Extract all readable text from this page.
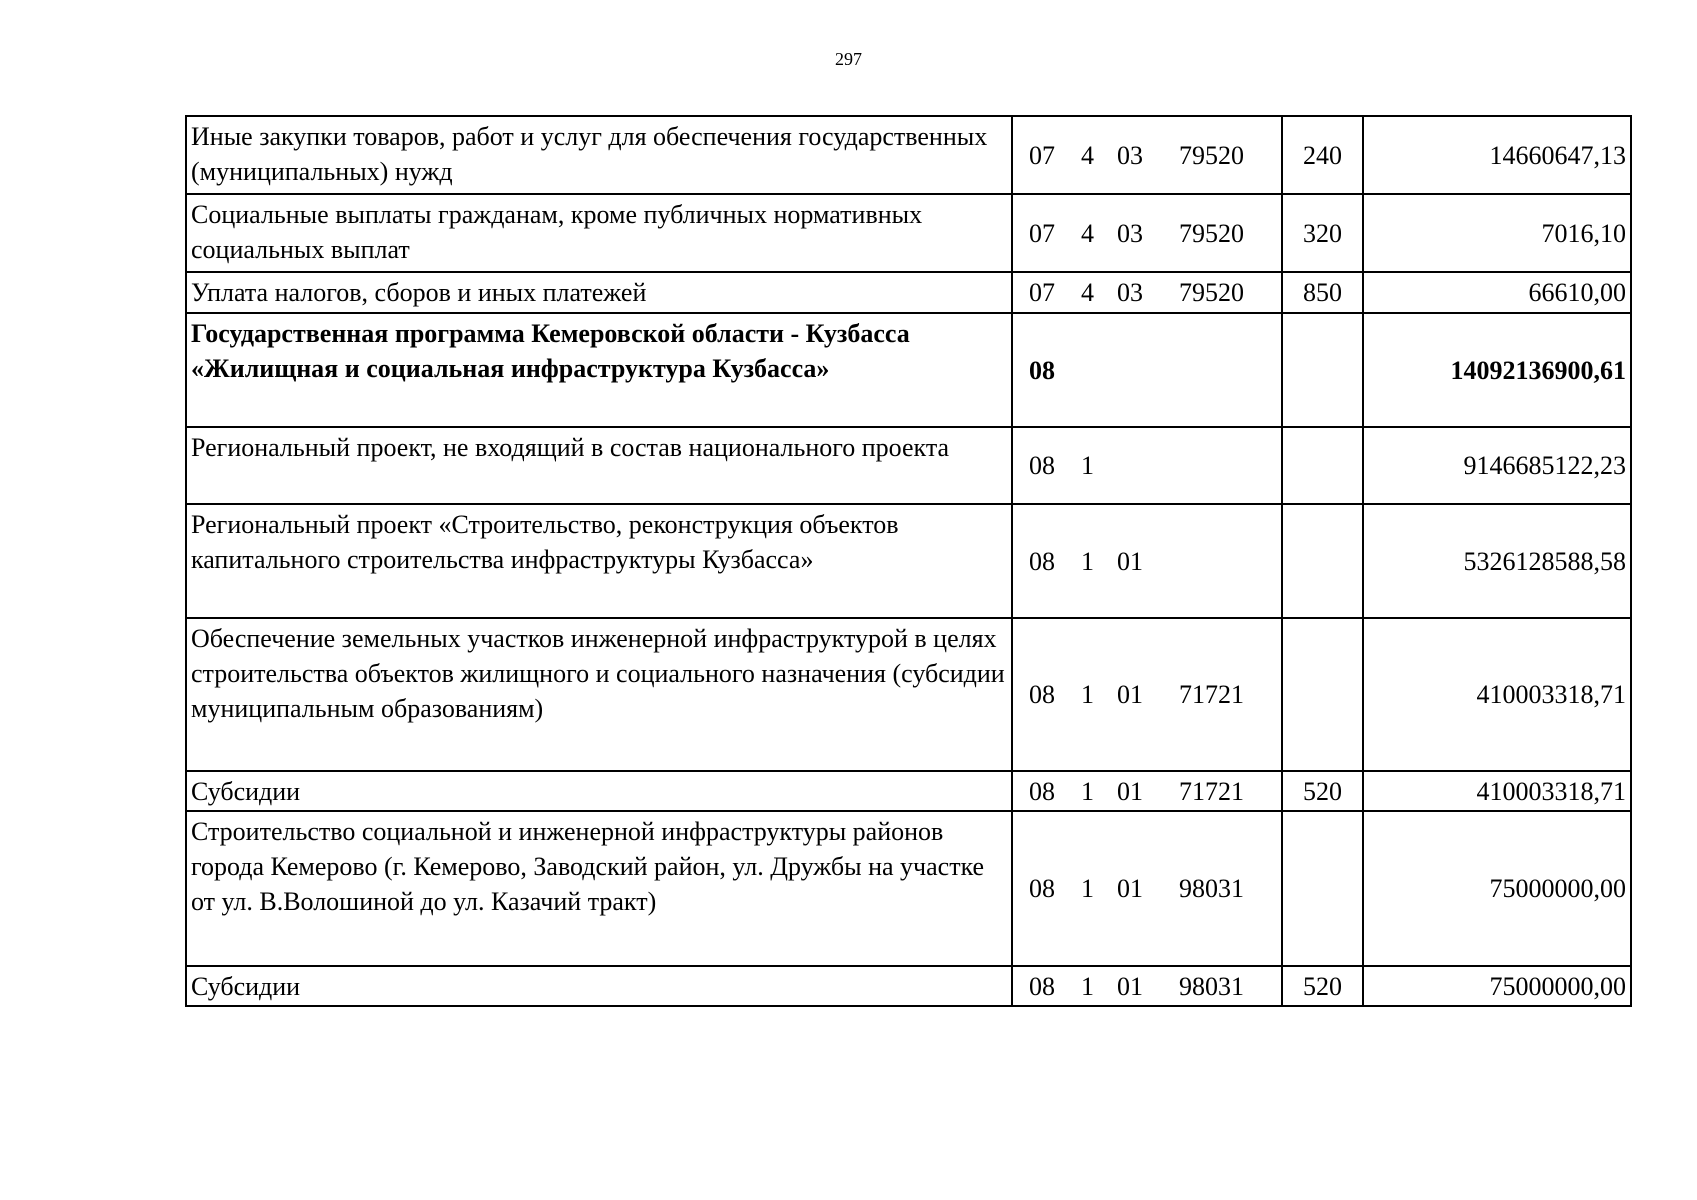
297
Иные закупки товаров, работ и услуг для обеспечения государственных (муниципальных) нужд	07 4 03 79520	240	14660647,13
Социальные выплаты гражданам, кроме публичных нормативных социальных выплат	07 4 03 79520	320	7016,10
Уплата налогов, сборов и иных платежей	07 4 03 79520	850	66610,00
Государственная программа Кемеровской области - Кузбасса «Жилищная и социальная инфраструктура Кузбасса»	08		14092136900,61
Региональный проект, не входящий в состав национального проекта	08 1		9146685122,23
Региональный проект «Строительство, реконструкция объектов капитального строительства инфраструктуры Кузбасса»	08 1 01		5326128588,58
Обеспечение земельных участков инженерной инфраструктурой в целях строительства объектов жилищного и социального назначения (субсидии муниципальным образованиям)	08 1 01 71721		410003318,71
Субсидии	08 1 01 71721	520	410003318,71
Строительство социальной и инженерной инфраструктуры районов города Кемерово (г. Кемерово, Заводский район, ул. Дружбы на участке от ул. В.Волошиной до ул. Казачий тракт)	08 1 01 98031		75000000,00
Субсидии	08 1 01 98031	520	75000000,00
